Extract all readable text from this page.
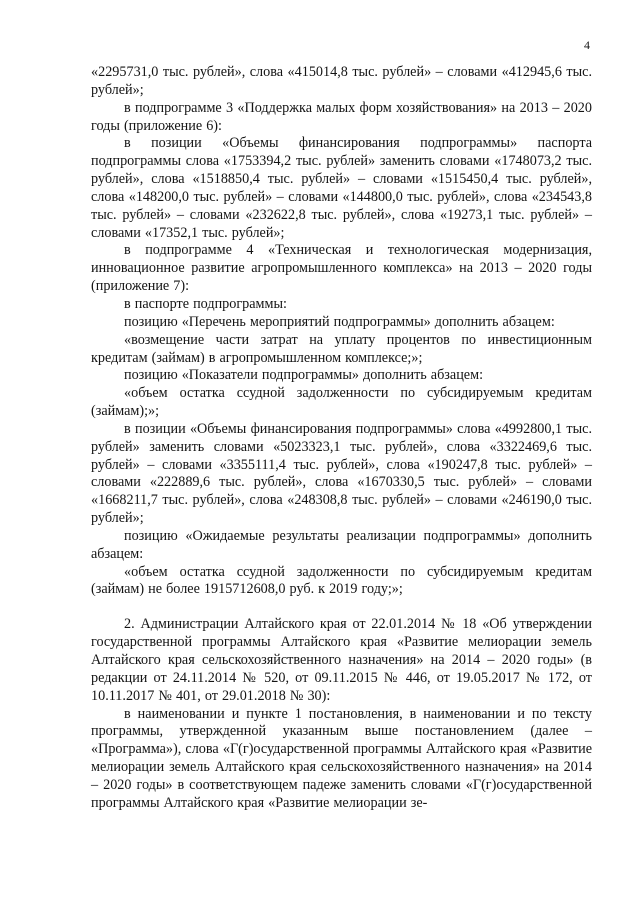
4

«2295731,0 тыс. рублей», слова «415014,8 тыс. рублей» – словами «412945,6 тыс. рублей»;

в подпрограмме 3 «Поддержка малых форм хозяйствования» на 2013 – 2020 годы (приложение 6):

в позиции «Объемы финансирования подпрограммы» паспорта подпрограммы слова «1753394,2 тыс. рублей» заменить словами «1748073,2 тыс. рублей», слова «1518850,4 тыс. рублей» – словами «1515450,4 тыс. рублей», слова «148200,0 тыс. рублей» – словами «144800,0 тыс. рублей», слова «234543,8 тыс. рублей» – словами «232622,8 тыс. рублей», слова «19273,1 тыс. рублей» – словами «17352,1 тыс. рублей»;

в подпрограмме 4 «Техническая и технологическая модернизация, инновационное развитие агропромышленного комплекса» на 2013 – 2020 годы (приложение 7):

в паспорте подпрограммы:

позицию «Перечень мероприятий подпрограммы» дополнить абзацем:

«возмещение части затрат на уплату процентов по инвестиционным кредитам (займам) в агропромышленном комплексе;»;

позицию «Показатели подпрограммы» дополнить абзацем:

«объем остатка ссудной задолженности по субсидируемым кредитам (займам);»;

в позиции «Объемы финансирования подпрограммы» слова «4992800,1 тыс. рублей» заменить словами «5023323,1 тыс. рублей», слова «3322469,6 тыс. рублей» – словами «3355111,4 тыс. рублей», слова «190247,8 тыс. рублей» – словами «222889,6 тыс. рублей», слова «1670330,5 тыс. рублей» – словами «1668211,7 тыс. рублей», слова «248308,8 тыс. рублей» – словами «246190,0 тыс. рублей»;

позицию «Ожидаемые результаты реализации подпрограммы» дополнить абзацем:

«объем остатка ссудной задолженности по субсидируемым кредитам (займам) не более 1915712608,0 руб. к 2019 году;»;

2. Администрации Алтайского края от 22.01.2014 № 18 «Об утверждении государственной программы Алтайского края «Развитие мелиорации земель Алтайского края сельскохозяйственного назначения» на 2014 – 2020 годы» (в редакции от 24.11.2014 № 520, от 09.11.2015 № 446, от 19.05.2017 № 172, от 10.11.2017 № 401, от 29.01.2018 № 30):

в наименовании и пункте 1 постановления, в наименовании и по тексту программы, утвержденной указанным выше постановлением (далее – «Программа»), слова «Г(г)осударственной программы Алтайского края «Развитие мелиорации земель Алтайского края сельскохозяйственного назначения» на 2014 – 2020 годы» в соответствующем падеже заменить словами «Г(г)осударственной программы Алтайского края «Развитие мелиорации зе-
